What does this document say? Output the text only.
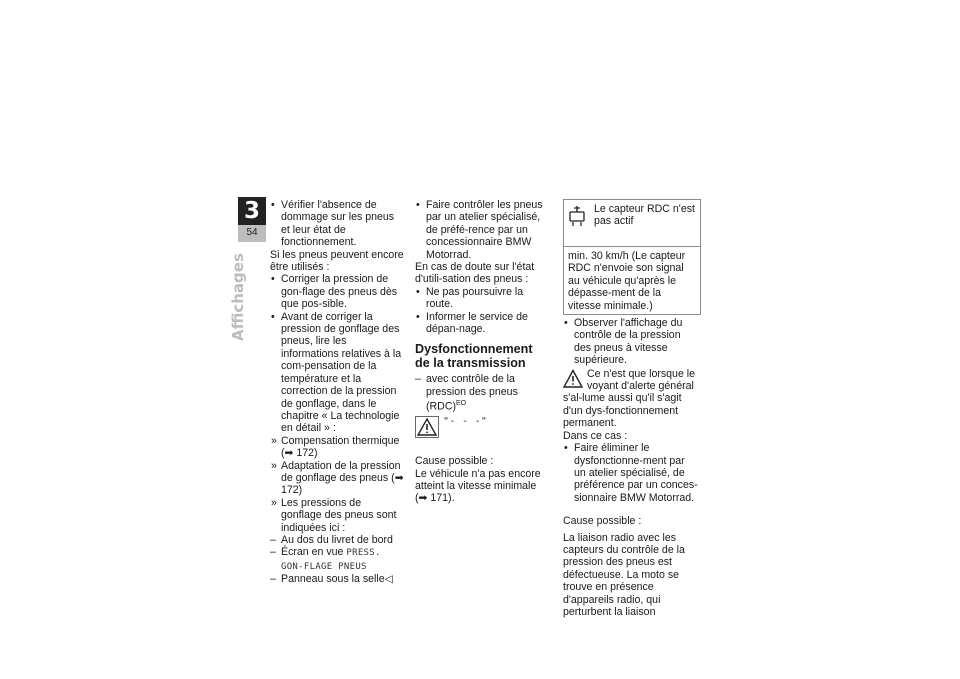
3
54
Affichages

• Vérifier l'absence de dommage sur les pneus et leur état de fonctionnement.

Si les pneus peuvent encore être utilisés :

• Corriger la pression de gon-flage des pneus dès que pos-sible.

• Avant de corriger la pression de gonflage des pneus, lire les informations relatives à la com-pensation de la température et la correction de la pression de gonflage, dans le chapitre « La technologie en détail » :

» Compensation thermique
(➡ 172)

» Adaptation de la pression de gonflage des pneus (➡ 172)

» Les pressions de gonflage des pneus sont indiquées ici :

– Au dos du livret de bord

– Écran en vue PRESS. GON-FLAGE PNEUS

– Panneau sous la selle◁

• Faire contrôler les pneus par un atelier spécialisé, de préfé-rence par un concessionnaire BMW Motorrad.

En cas de doute sur l'état d'utili-sation des pneus :

• Ne pas poursuivre la route.

• Informer le service de dépan-nage.

Dysfonctionnement de la transmission

– avec contrôle de la pression des pneus (RDC)$^{EO}$

"- - -"

Cause possible :

Le véhicule n'a pas encore atteint la vitesse minimale
(➡ 171).

Le capteur RDC n'est pas actif
min. 30 km/h (Le capteur RDC n'envoie son signal au véhicule qu'après le dépasse-ment de la vitesse minimale.)

• Observer l'affichage du contrôle de la pression des pneus à vitesse supérieure.

Ce n'est que lorsque le voyant d'alerte général s'al-lume aussi qu'il s'agit d'un dys-fonctionnement permanent.

Dans ce cas :

• Faire éliminer le dysfonctionne-ment par un atelier spécialisé, de préférence par un conces-sionnaire BMW Motorrad.

Cause possible :

La liaison radio avec les capteurs du contrôle de la pression des pneus est défectueuse. La moto se trouve en présence d'appareils radio, qui perturbent la liaison
